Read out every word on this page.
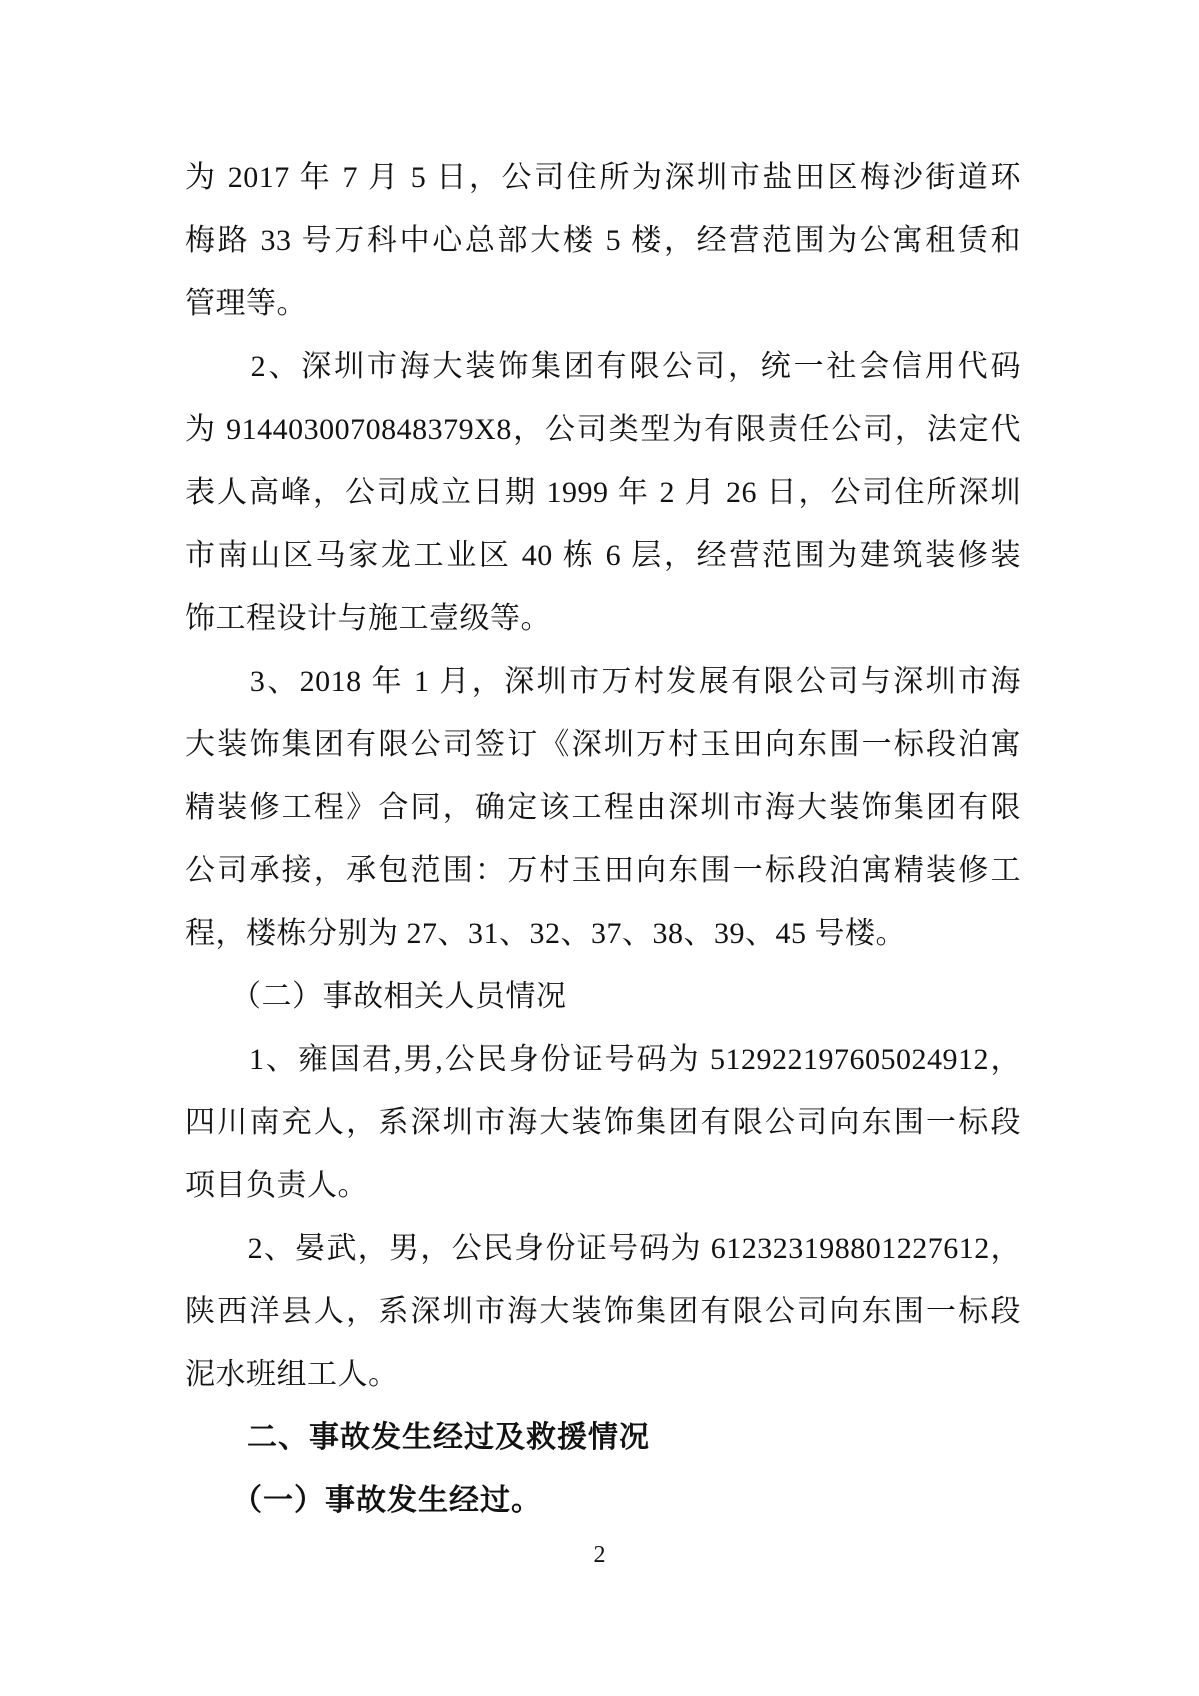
为 2017 年 7 月 5 日，公司住所为深圳市盐田区梅沙街道环
梅路 33 号万科中心总部大楼 5 楼，经营范围为公寓租赁和
管理等。
　　2、深圳市海大装饰集团有限公司，统一社会信用代码
为 9144030070848379X8，公司类型为有限责任公司，法定代
表人高峰，公司成立日期 1999 年 2 月 26 日，公司住所深圳
市南山区马家龙工业区 40 栋 6 层，经营范围为建筑装修装
饰工程设计与施工壹级等。
　　3、2018 年 1 月，深圳市万村发展有限公司与深圳市海
大装饰集团有限公司签订《深圳万村玉田向东围一标段泊寓
精装修工程》合同，确定该工程由深圳市海大装饰集团有限
公司承接，承包范围：万村玉田向东围一标段泊寓精装修工
程，楼栋分别为 27、31、32、37、38、39、45 号楼。
　　（二）事故相关人员情况
　　1、雍国君,男,公民身份证号码为 512922197605024912，
四川南充人，系深圳市海大装饰集团有限公司向东围一标段
项目负责人。
　　2、晏武，男，公民身份证号码为 612323198801227612，
陕西洋县人，系深圳市海大装饰集团有限公司向东围一标段
泥水班组工人。
　　二、事故发生经过及救援情况
　　（一）事故发生经过。
2
